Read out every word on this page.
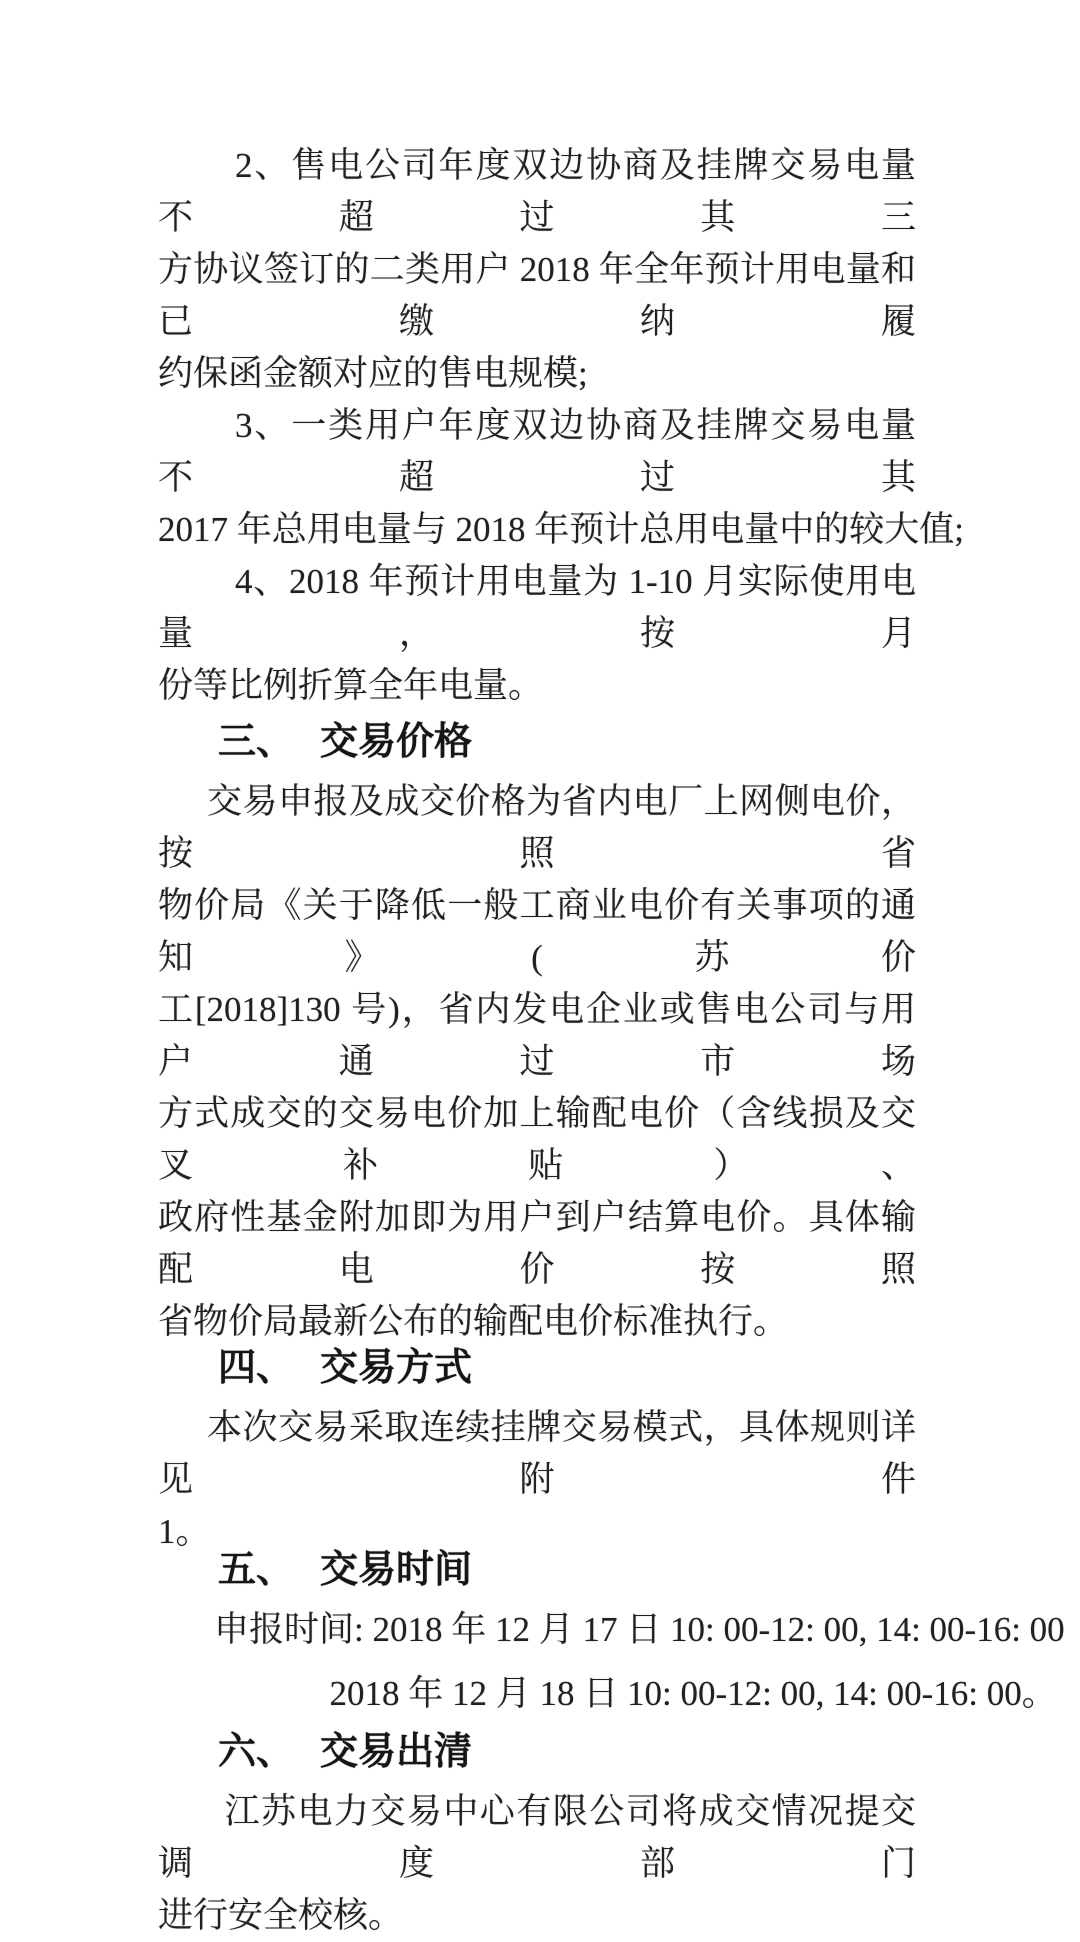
2、售电公司年度双边协商及挂牌交易电量不超过其三
方协议签订的二类用户 2018 年全年预计用电量和已缴纳履
约保函金额对应的售电规模;
3、一类用户年度双边协商及挂牌交易电量不超过其
2017 年总用电量与 2018 年预计总用电量中的较大值;
4、2018 年预计用电量为 1-10 月实际使用电量，按月
份等比例折算全年电量。
三、 交易价格
交易申报及成交价格为省内电厂上网侧电价，按照省
物价局《关于降低一般工商业电价有关事项的通知》(苏价
工[2018]130 号)，省内发电企业或售电公司与用户通过市场
方式成交的交易电价加上输配电价（含线损及交叉补贴）、
政府性基金附加即为用户到户结算电价。具体输配电价按照
省物价局最新公布的输配电价标准执行。
四、 交易方式
本次交易采取连续挂牌交易模式，具体规则详见附件
1。
五、 交易时间
申报时间: 2018 年 12 月 17 日 10: 00-12: 00, 14: 00-16: 00
2018 年 12 月 18 日 10: 00-12: 00, 14: 00-16: 00。
六、 交易出清
江苏电力交易中心有限公司将成交情况提交调度部门
进行安全校核。
